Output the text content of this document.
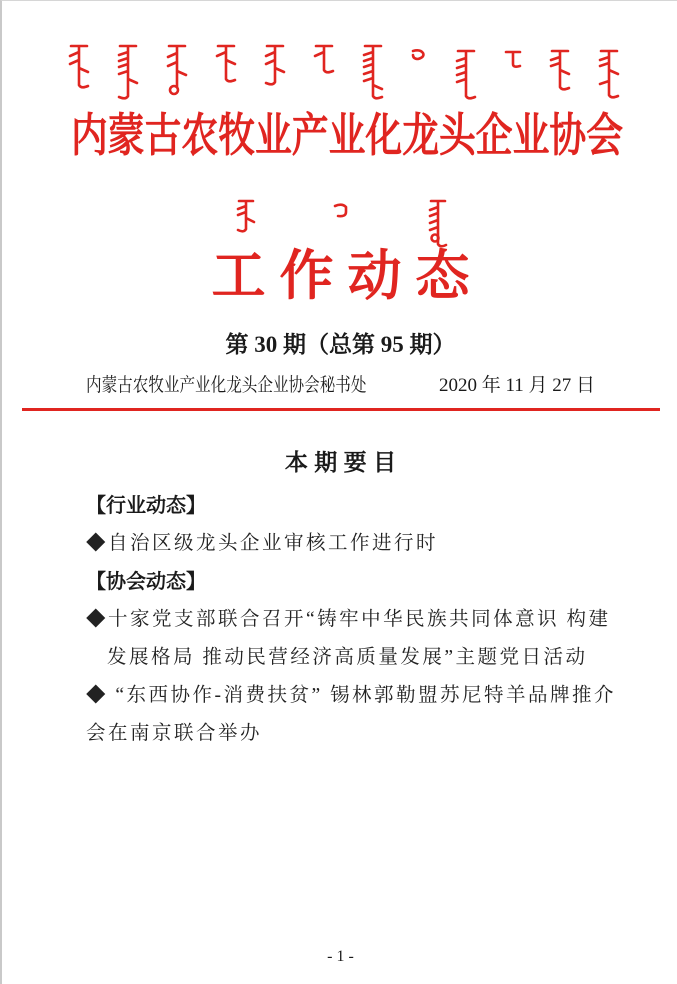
内蒙古农牧业产业化龙头企业协会
工作动态
第 30 期（总第 95 期）
内蒙古农牧业产业化龙头企业协会秘书处	2020 年 11 月 27 日
本 期 要 目
【行业动态】
◆自治区级龙头企业审核工作进行时
【协会动态】
◆十家党支部联合召开“铸牢中华民族共同体意识 构建
发展格局 推动民营经济高质量发展”主题党日活动
◆ “东西协作-消费扶贫” 锡林郭勒盟苏尼特羊品牌推介
会在南京联合举办
- 1 -
